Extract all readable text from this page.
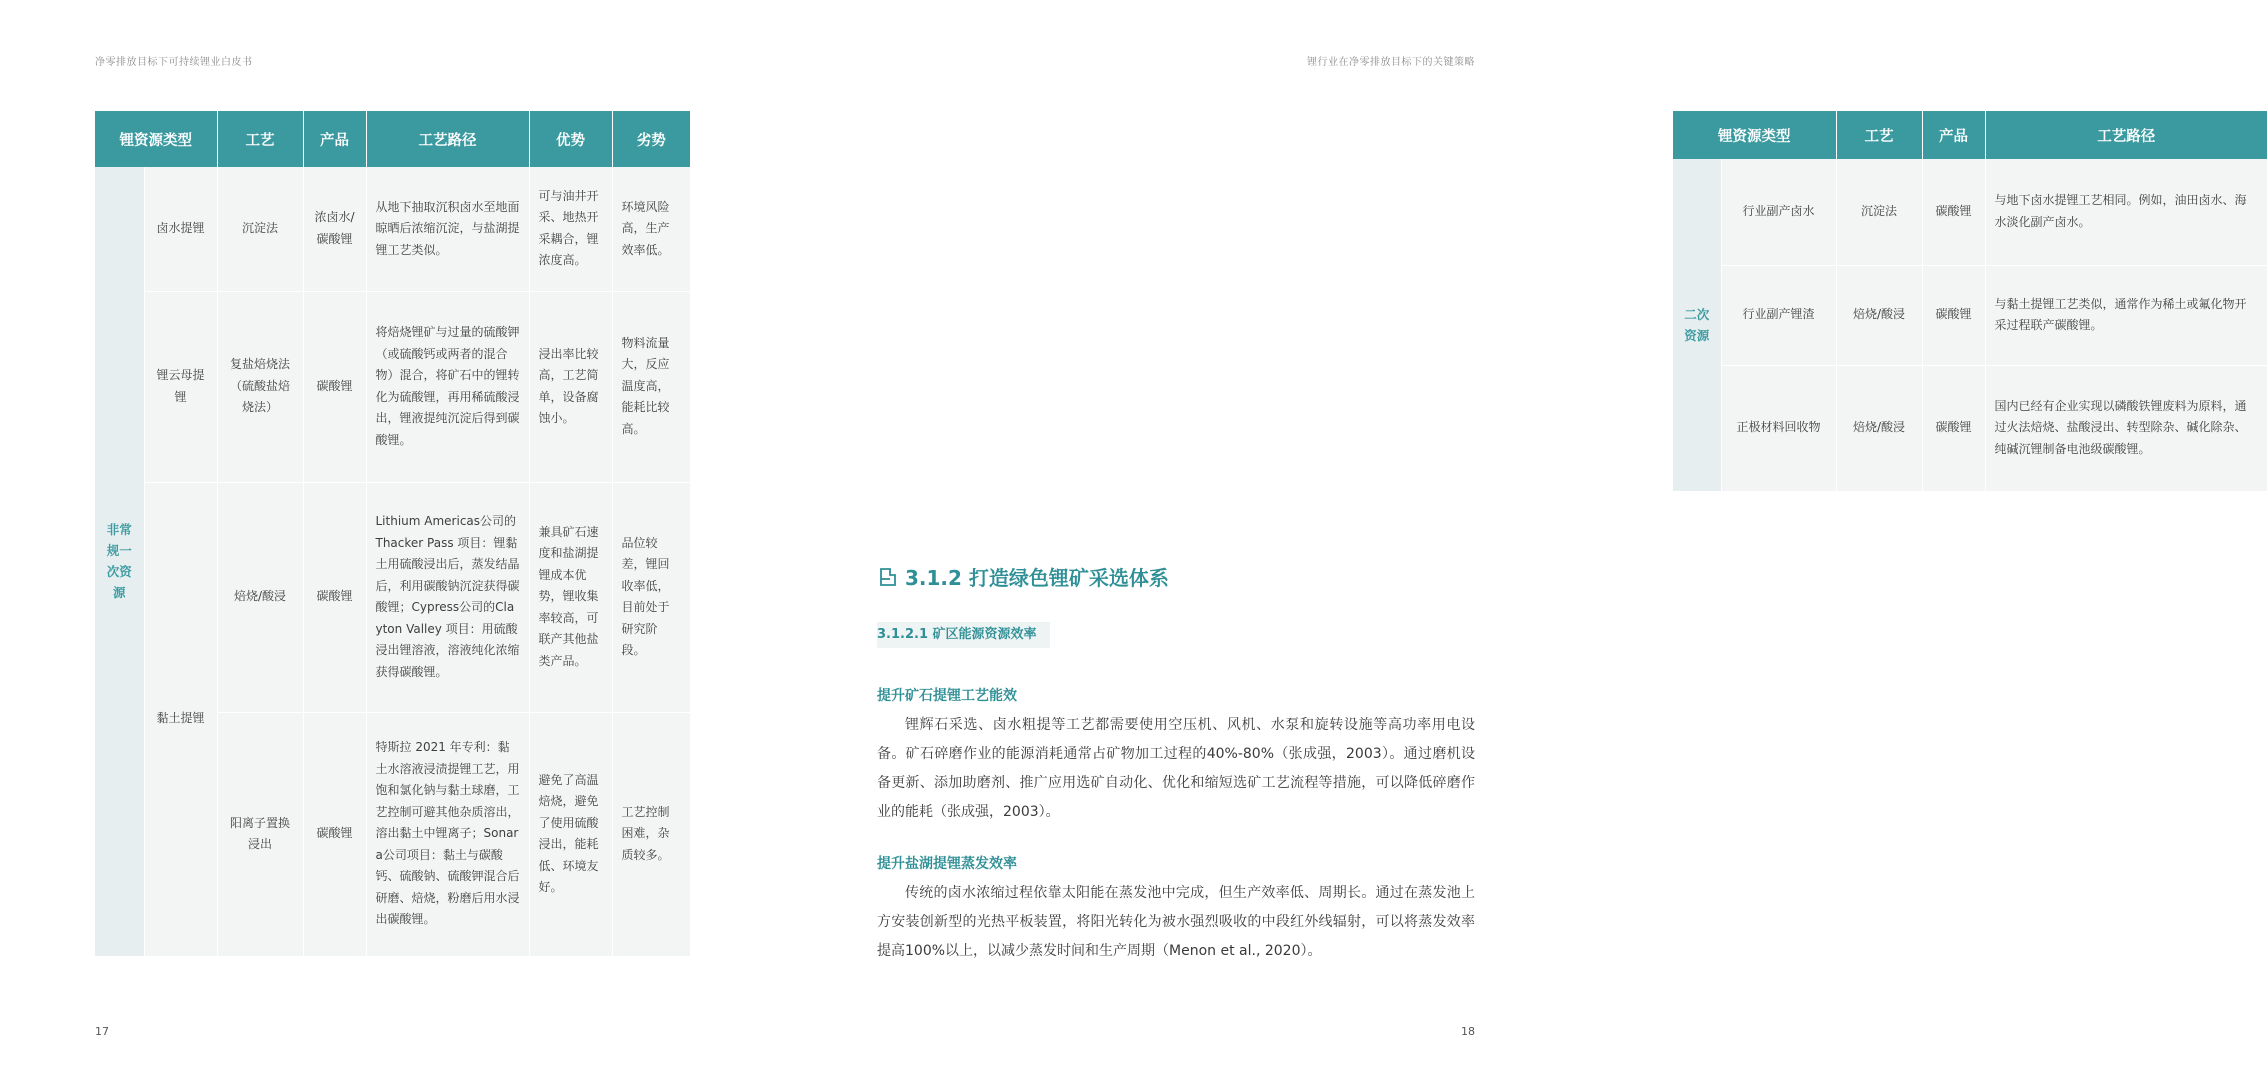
净零排放目标下可持续锂业白皮书
锂资源类型		工艺	产品	工艺路径	优势	劣势
非常规一次资源	卤水提锂	沉淀法	浓卤水/碳酸锂	从地下抽取沉积卤水至地面晾晒后浓缩沉淀，与盐湖提锂工艺类似。	可与油井开采、地热开采耦合，锂浓度高。	环境风险高，生产效率低。
	锂云母提锂	复盐焙烧法（硫酸盐焙烧法）	碳酸锂	将焙烧锂矿与过量的硫酸钾（或硫酸钙或两者的混合物）混合，将矿石中的锂转化为硫酸锂，再用稀硫酸浸出，锂液提纯沉淀后得到碳酸锂。	浸出率比较高，工艺简单，设备腐蚀小。	物料流量大，反应温度高，能耗比较高。
	黏土提锂	焙烧/酸浸	碳酸锂	Lithium Americas公司的Thacker Pass 项目：锂黏土用硫酸浸出后，蒸发结晶后，利用碳酸钠沉淀获得碳酸锂；Cypress公司的Clayton Valley 项目：用硫酸浸出锂溶液，溶液纯化浓缩获得碳酸锂。	兼具矿石速度和盐湖提锂成本优势，锂收集率较高，可联产其他盐类产品。	品位较差，锂回收率低，目前处于研究阶段。
		阳离子置换浸出	碳酸锂	特斯拉 2021 年专利：黏土水溶液浸渍提锂工艺，用饱和氯化钠与黏土球磨，工艺控制可避其他杂质溶出，溶出黏土中锂离子；Sonara公司项目：黏土与碳酸钙、硫酸钠、硫酸钾混合后研磨、焙烧，粉磨后用水浸出碳酸锂。	避免了高温焙烧，避免了使用硫酸浸出，能耗低、环境友好。	工艺控制困难，杂质较多。
17
锂行业在净零排放目标下的关键策略
锂资源类型		工艺	产品	工艺路径
二次资源	行业副产卤水	沉淀法	碳酸锂	与地下卤水提锂工艺相同。例如，油田卤水、海水淡化副产卤水。
	行业副产锂渣	焙烧/酸浸	碳酸锂	与黏土提锂工艺类似，通常作为稀土或氟化物开采过程联产碳酸锂。
	正极材料回收物	焙烧/酸浸	碳酸锂	国内已经有企业实现以磷酸铁锂废料为原料，通过火法焙烧、盐酸浸出、转型除杂、碱化除杂、纯碱沉锂制备电池级碳酸锂。
3.1.2 打造绿色锂矿采选体系
3.1.2.1 矿区能源资源效率
提升矿石提锂工艺能效
锂辉石采选、卤水粗提等工艺都需要使用空压机、风机、水泵和旋转设施等高功率用电设备。矿石碎磨作业的能源消耗通常占矿物加工过程的40%-80%（张成强，2003）。通过磨机设备更新、添加助磨剂、推广应用选矿自动化、优化和缩短选矿工艺流程等措施，可以降低碎磨作业的能耗（张成强，2003）。
提升盐湖提锂蒸发效率
传统的卤水浓缩过程依靠太阳能在蒸发池中完成，但生产效率低、周期长。通过在蒸发池上方安装创新型的光热平板装置，将阳光转化为被水强烈吸收的中段红外线辐射，可以将蒸发效率提高100%以上，以减少蒸发时间和生产周期（Menon et al., 2020）。
18
